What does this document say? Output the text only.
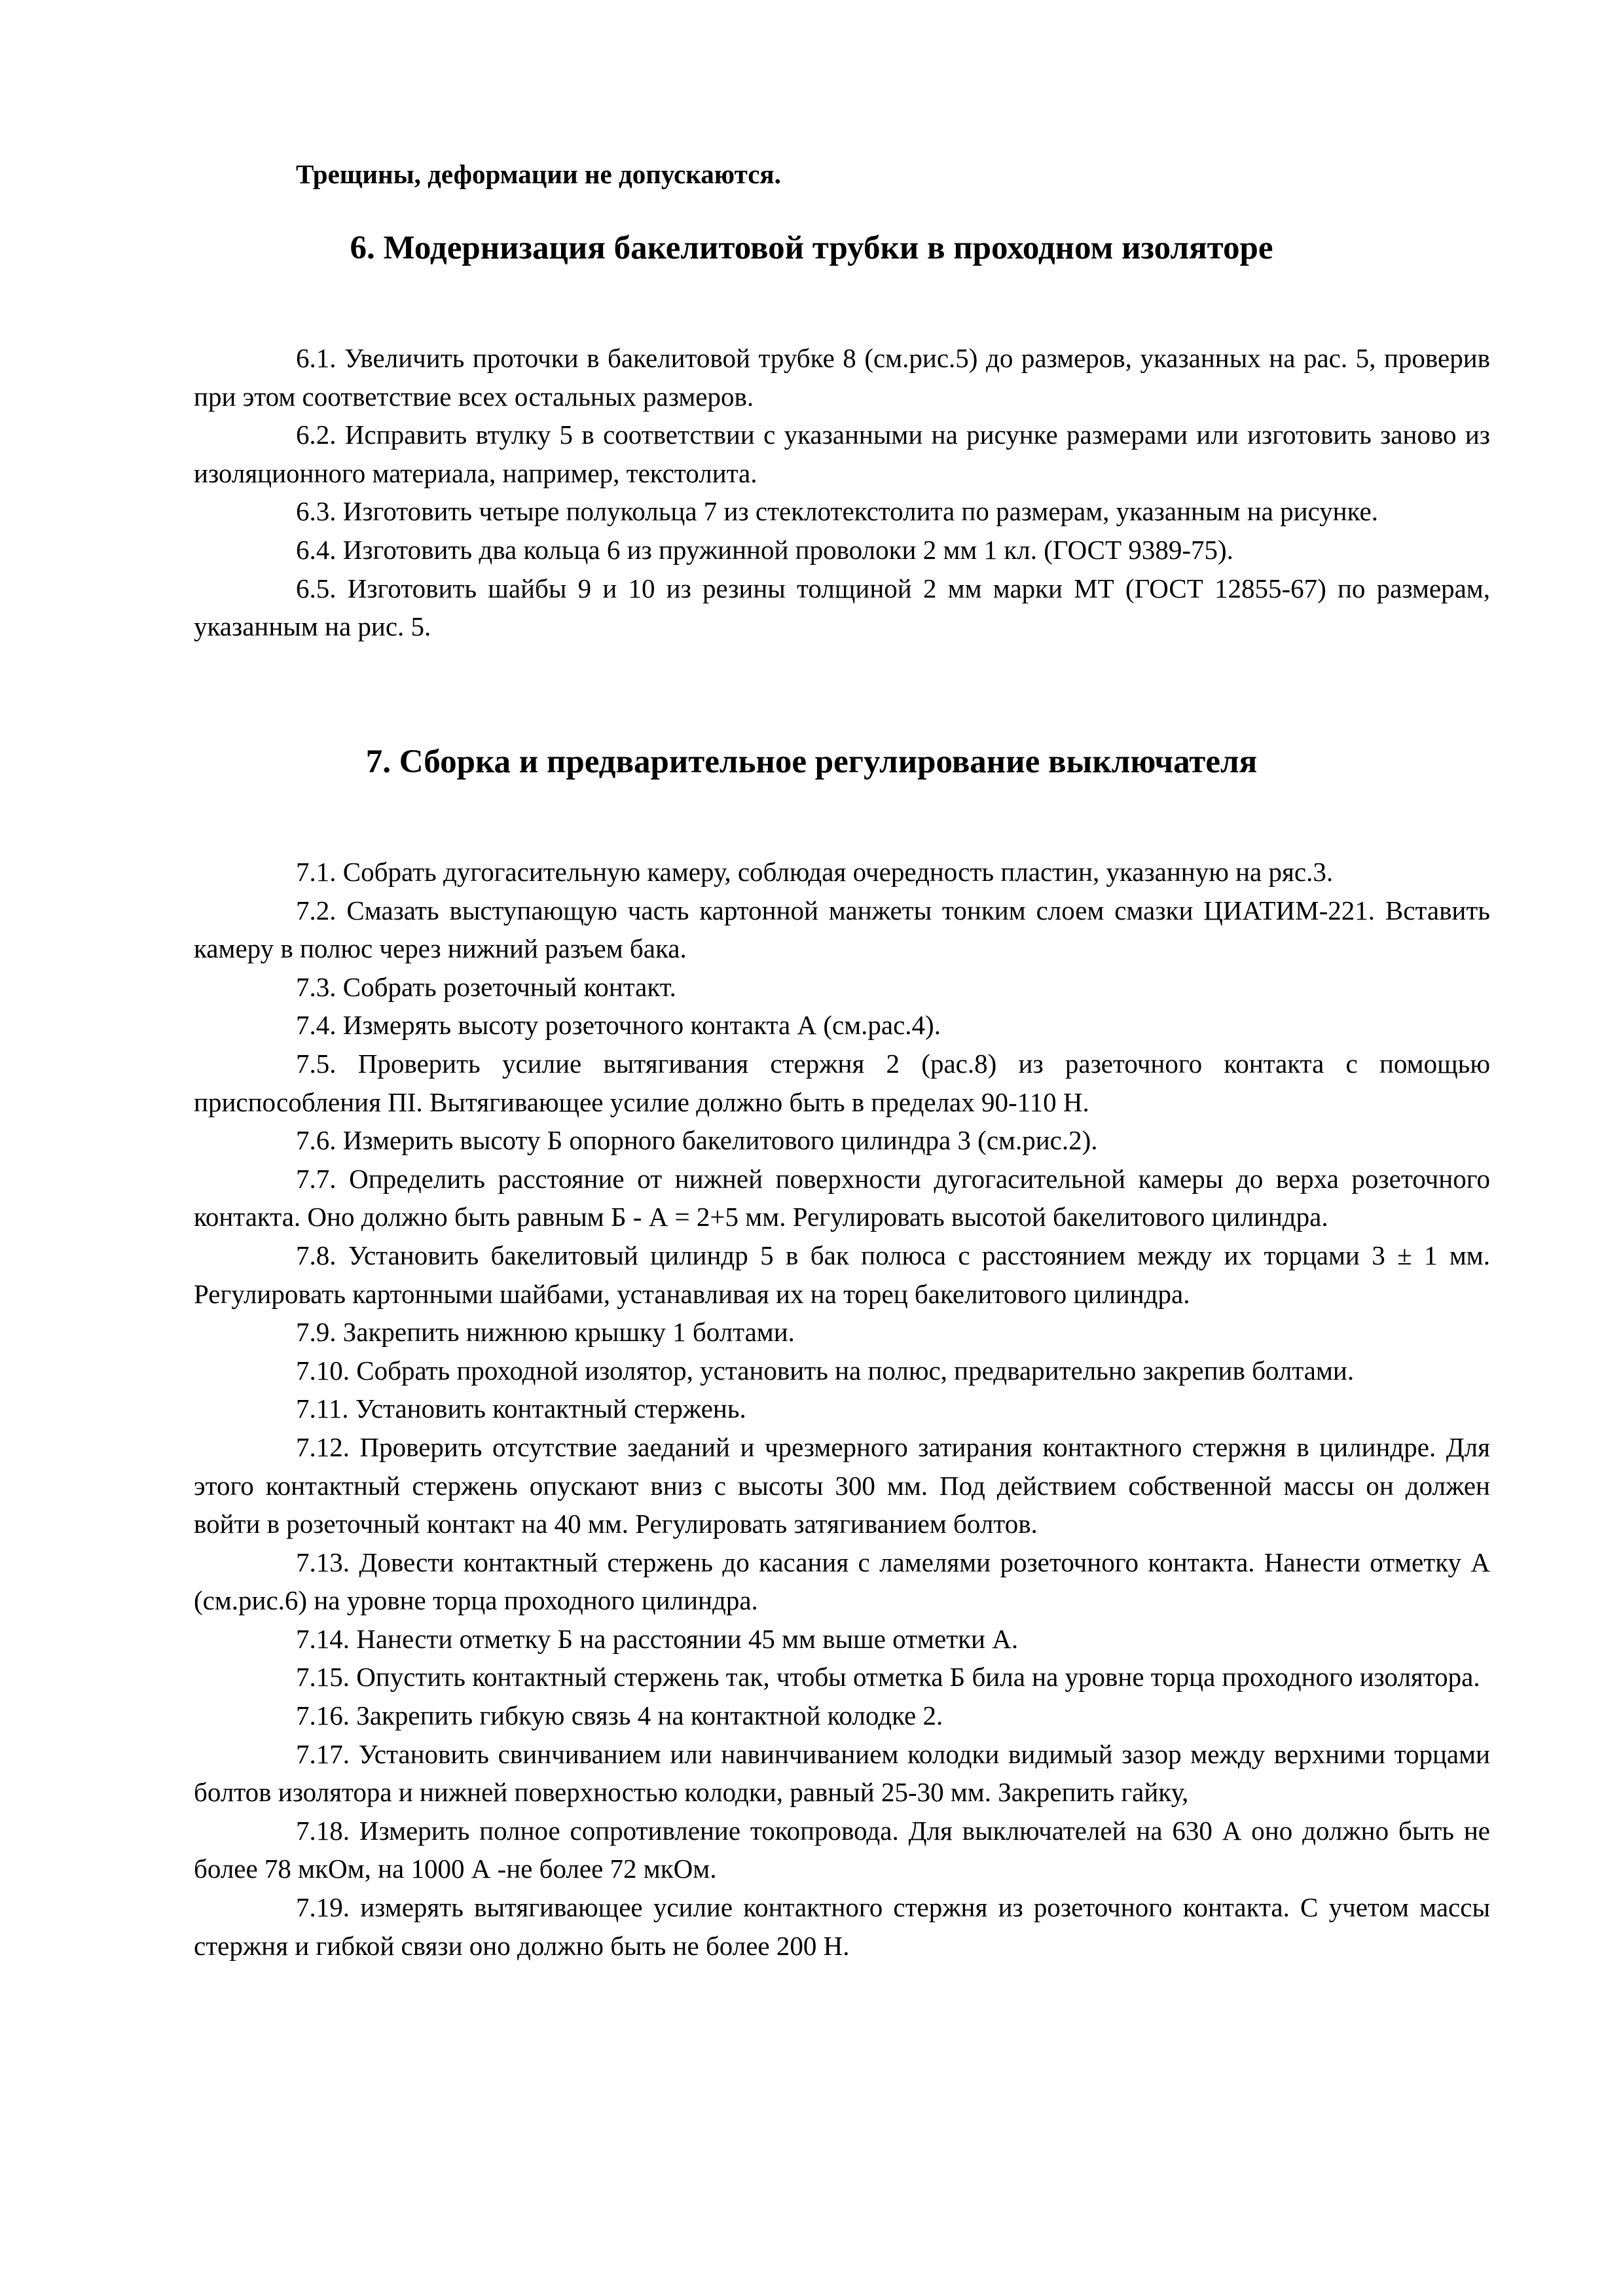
Трещины, деформации не допускаются.
6. Модернизация бакелитовой трубки в проходном изоляторе

6.1. Увеличить проточки в бакелитовой трубке 8 (см.рис.5) до размеров, указанных на рас. 5, проверив при этом соответствие всех остальных размеров.

6.2. Исправить втулку 5 в соответствии с указанными на рисунке размерами или изготовить заново из изоляционного материала, например, текстолита.

6.3. Изготовить четыре полукольца 7 из стеклотекстолита по размерам, указанным на рисунке.

6.4. Изготовить два кольца 6 из пружинной проволоки 2 мм 1 кл. (ГОСТ 9389-75).

6.5. Изготовить шайбы 9 и 10 из резины толщиной 2 мм марки МТ (ГОСТ 12855-67) по размерам, указанным на рис. 5.

7. Сборка и предварительное регулирование выключателя

7.1. Собрать дугогасительную камеру, соблюдая очередность пластин, указанную на ряс.3.

7.2. Смазать выступающую часть картонной манжеты тонким слоем смазки ЦИАТИМ-221. Вставить камеру в полюс через нижний разъем бака.

7.3. Собрать розеточный контакт.

7.4. Измерять высоту розеточного контакта А (см.рас.4).

7.5. Проверить усилие вытягивания стержня 2 (рас.8) из разеточного контакта с помощью приспособления ПI. Вытягивающее усилие должно быть в пределах 90-110 Н.

7.6. Измерить высоту Б опорного бакелитового цилиндра 3 (см.рис.2).

7.7. Определить расстояние от нижней поверхности дугогасительной камеры до верха розеточного контакта. Оно должно быть равным Б - А = 2+5 мм. Регулировать высотой бакелитового цилиндра.

7.8. Установить бакелитовый цилиндр 5 в бак полюса с расстоянием между их торцами 3 ± 1 мм. Регулировать картонными шайбами, устанавливая их на торец бакелитового цилиндра.

7.9. Закрепить нижнюю крышку 1 болтами.

7.10. Собрать проходной изолятор, установить на полюс, предварительно закрепив болтами.

7.11. Установить контактный стержень.

7.12. Проверить отсутствие заеданий и чрезмерного затирания контактного стержня в цилиндре. Для этого контактный стержень опускают вниз с высоты 300 мм. Под действием собственной массы он должен войти в розеточный контакт на 40 мм. Регулировать затягиванием болтов.

7.13. Довести контактный стержень до касания с ламелями розеточного контакта. Нанести отметку А (см.рис.6) на уровне торца проходного цилиндра.

7.14. Нанести отметку Б на расстоянии 45 мм выше отметки А.

7.15. Опустить контактный стержень так, чтобы отметка Б била на уровне торца проходного изолятора.

7.16. Закрепить гибкую связь 4 на контактной колодке 2.

7.17. Установить свинчиванием или навинчиванием колодки видимый зазор между верхними торцами болтов изолятора и нижней поверхностью колодки, равный 25-30 мм. Закрепить гайку,

7.18. Измерить полное сопротивление токопровода. Для выключателей на 630 А оно должно быть не более 78 мкОм, на 1000 А -не более 72 мкОм.

7.19. измерять вытягивающее усилие контактного стержня из розеточного контакта. С учетом массы стержня и гибкой связи оно должно быть не более 200 Н.
